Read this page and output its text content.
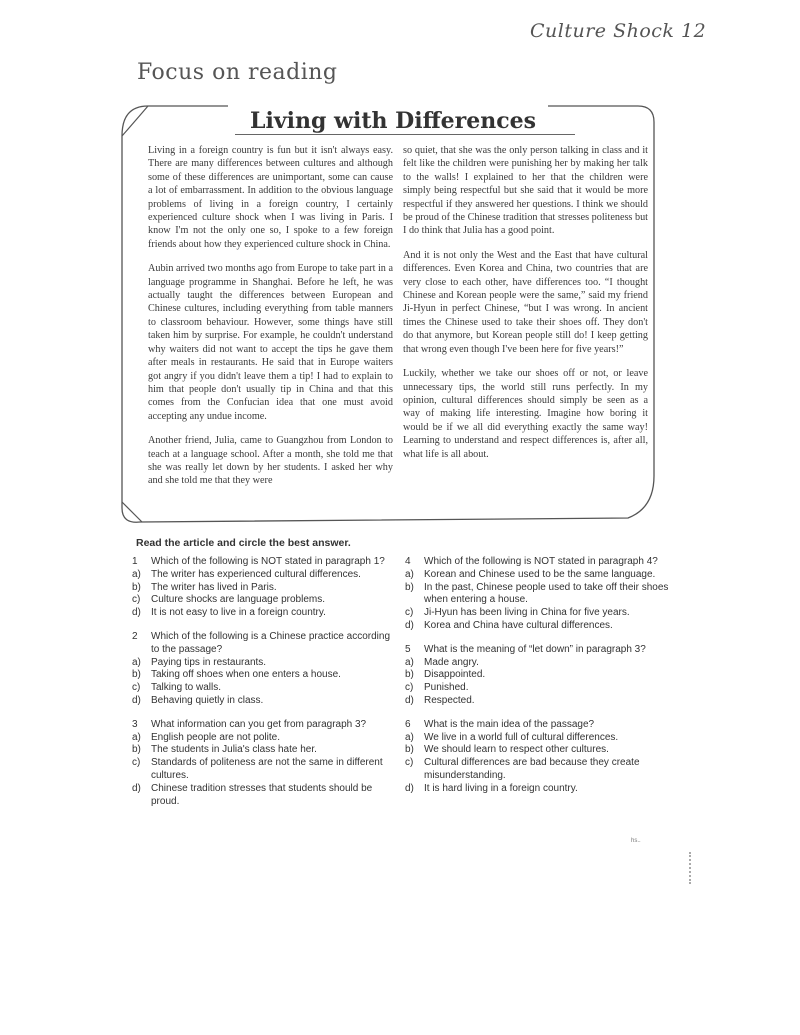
Culture Shock 12
Focus on reading
Living with Differences

Living in a foreign country is fun but it isn't always easy. There are many differences between cultures and although some of these differences are unimportant, some can cause a lot of embarrassment. In addition to the obvious language problems of living in a foreign country, I certainly experienced culture shock when I was living in Paris. I know I'm not the only one so, I spoke to a few foreign friends about how they experienced culture shock in China.

Aubin arrived two months ago from Europe to take part in a language programme in Shanghai. Before he left, he was actually taught the differences between European and Chinese cultures, including everything from table manners to classroom behaviour. However, some things have still taken him by surprise. For example, he couldn't understand why waiters did not want to accept the tips he gave them after meals in restaurants. He said that in Europe waiters got angry if you didn't leave them a tip! I had to explain to him that people don't usually tip in China and that this comes from the Confucian idea that one must avoid accepting any undue income.

Another friend, Julia, came to Guangzhou from London to teach at a language school. After a month, she told me that she was really let down by her students. I asked her why and she told me that they were

so quiet, that she was the only person talking in class and it felt like the children were punishing her by making her talk to the walls! I explained to her that the children were simply being respectful but she said that it would be more respectful if they answered her questions. I think we should be proud of the Chinese tradition that stresses politeness but I do think that Julia has a good point.

And it is not only the West and the East that have cultural differences. Even Korea and China, two countries that are very close to each other, have differences too. “I thought Chinese and Korean people were the same,” said my friend Ji-Hyun in perfect Chinese, “but I was wrong. In ancient times the Chinese used to take their shoes off. They don't do that anymore, but Korean people still do! I keep getting that wrong even though I've been here for five years!”

Luckily, whether we take our shoes off or not, or leave unnecessary tips, the world still runs perfectly. In my opinion, cultural differences should simply be seen as a way of making life interesting. Imagine how boring it would be if we all did everything exactly the same way! Learning to understand and respect differences is, after all, what life is all about.

Read the article and circle the best answer.
1	Which of the following is NOT stated in paragraph 1?
a)	The writer has experienced cultural differences.
b)	The writer has lived in Paris.
c)	Culture shocks are language problems.
d)	It is not easy to live in a foreign country.
2	Which of the following is a Chinese practice according to the passage?
a)	Paying tips in restaurants.
b)	Taking off shoes when one enters a house.
c)	Talking to walls.
d)	Behaving quietly in class.
3	What information can you get from paragraph 3?
a)	English people are not polite.
b)	The students in Julia's class hate her.
c)	Standards of politeness are not the same in different cultures.
d)	Chinese tradition stresses that students should be proud.
4	Which of the following is NOT stated in paragraph 4?
a)	Korean and Chinese used to be the same language.
b)	In the past, Chinese people used to take off their shoes when entering a house.
c)	Ji-Hyun has been living in China for five years.
d)	Korea and China have cultural differences.
5	What is the meaning of “let down” in paragraph 3?
a)	Made angry.
b)	Disappointed.
c)	Punished.
d)	Respected.
6	What is the main idea of the passage?
a)	We live in a world full of cultural differences.
b)	We should learn to respect other cultures.
c)	Cultural differences are bad because they create misunderstanding.
d)	It is hard living in a foreign country.
hs..
